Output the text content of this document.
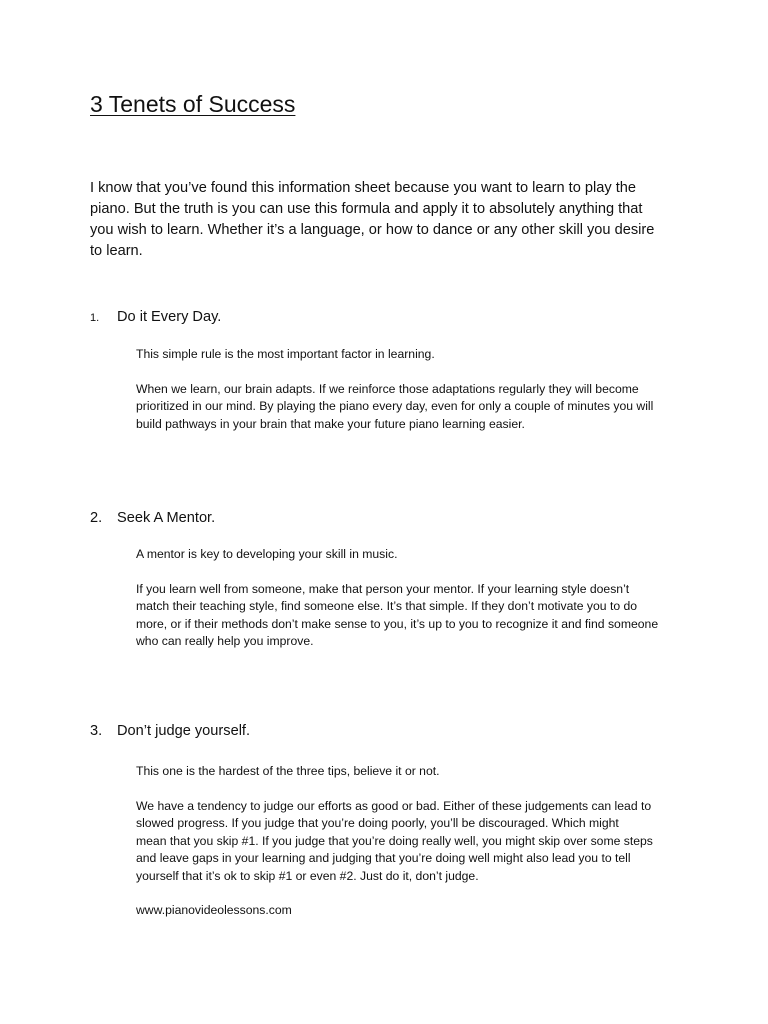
3 Tenets of Success

I know that you’ve found this information sheet because you want to learn to play the
piano. But the truth is you can use this formula and apply it to absolutely anything that
you wish to learn. Whether it’s a language, or how to dance or any other skill you desire
to learn.

1. Do it Every Day.

This simple rule is the most important factor in learning.

When we learn, our brain adapts. If we reinforce those adaptations regularly they will become
prioritized in our mind. By playing the piano every day, even for only a couple of minutes you will
build pathways in your brain that make your future piano learning easier.

2. Seek A Mentor.

A mentor is key to developing your skill in music.

If you learn well from someone, make that person your mentor. If your learning style doesn’t
match their teaching style, find someone else. It’s that simple. If they don’t motivate you to do
more, or if their methods don’t make sense to you, it’s up to you to recognize it and find someone
who can really help you improve.

3. Don’t judge yourself.

This one is the hardest of the three tips, believe it or not.

We have a tendency to judge our efforts as good or bad. Either of these judgements can lead to
slowed progress. If you judge that you’re doing poorly, you’ll be discouraged. Which might
mean that you skip #1. If you judge that you’re doing really well, you might skip over some steps
and leave gaps in your learning and judging that you’re doing well might also lead you to tell
yourself that it’s ok to skip #1 or even #2. Just do it, don’t judge.

www.pianovideolessons.com
